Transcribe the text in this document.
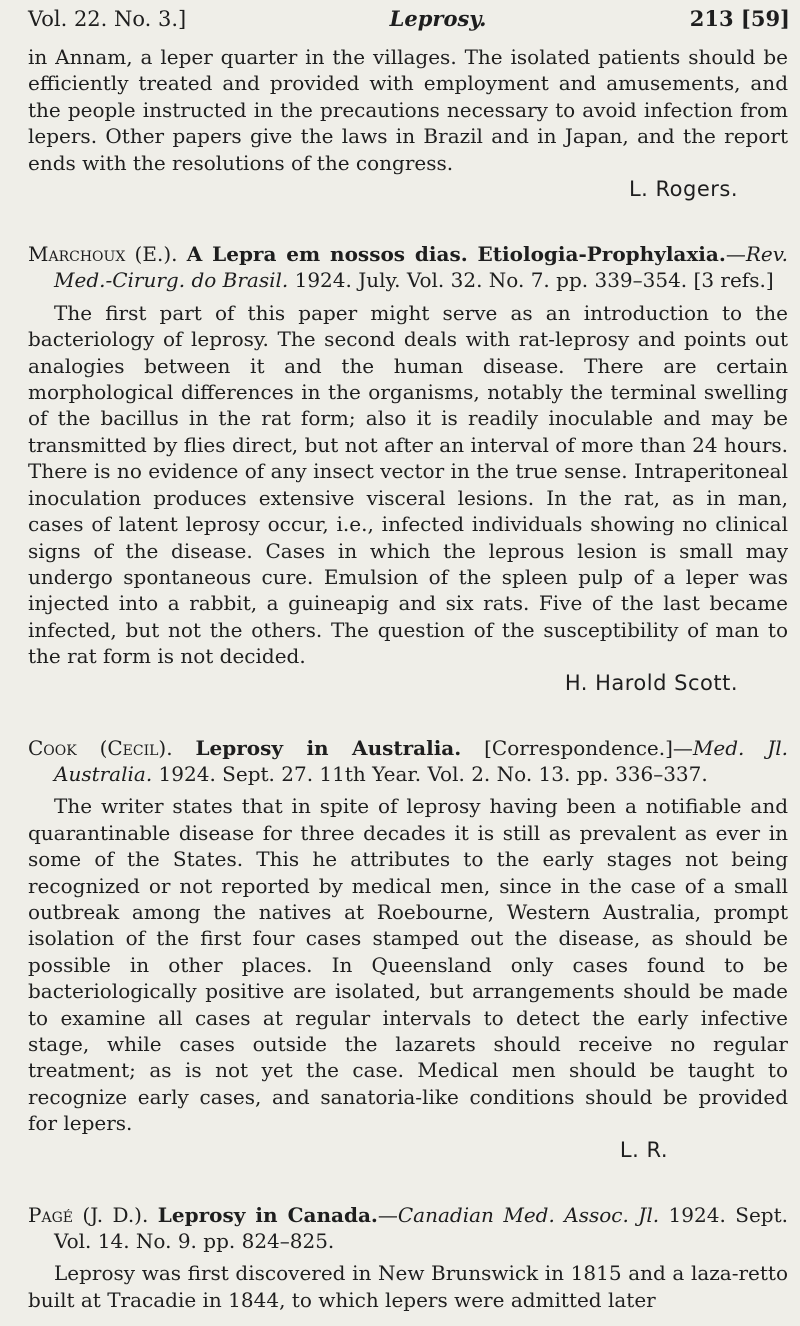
Vol. 22. No. 3.]	Leprosy.	213 [59]

in Annam, a leper quarter in the villages. The isolated patients should be efficiently treated and provided with employment and amusements, and the people instructed in the precautions necessary to avoid infection from lepers. Other papers give the laws in Brazil and in Japan, and the report ends with the resolutions of the congress.

L. Rogers.
Marchoux (E.). A Lepra em nossos dias. Etiologia-Prophylaxia.—Rev. Med.-Cirurg. do Brasil. 1924. July. Vol. 32. No. 7. pp. 339–354. [3 refs.]

The first part of this paper might serve as an introduction to the bacteriology of leprosy. The second deals with rat-leprosy and points out analogies between it and the human disease. There are certain morphological differences in the organisms, notably the terminal swelling of the bacillus in the rat form; also it is readily inoculable and may be transmitted by flies direct, but not after an interval of more than 24 hours. There is no evidence of any insect vector in the true sense. Intraperitoneal inoculation produces extensive visceral lesions. In the rat, as in man, cases of latent leprosy occur, i.e., infected individuals showing no clinical signs of the disease. Cases in which the leprous lesion is small may undergo spontaneous cure. Emulsion of the spleen pulp of a leper was injected into a rabbit, a guineapig and six rats. Five of the last became infected, but not the others. The question of the susceptibility of man to the rat form is not decided.

H. Harold Scott.
Cook (Cecil). Leprosy in Australia. [Correspondence.]—Med. Jl. Australia. 1924. Sept. 27. 11th Year. Vol. 2. No. 13. pp. 336–337.

The writer states that in spite of leprosy having been a notifiable and quarantinable disease for three decades it is still as prevalent as ever in some of the States. This he attributes to the early stages not being recognized or not reported by medical men, since in the case of a small outbreak among the natives at Roebourne, Western Australia, prompt isolation of the first four cases stamped out the disease, as should be possible in other places. In Queensland only cases found to be bacteriologically positive are isolated, but arrangements should be made to examine all cases at regular intervals to detect the early infective stage, while cases outside the lazarets should receive no regular treatment; as is not yet the case. Medical men should be taught to recognize early cases, and sanatoria-like conditions should be provided for lepers.

L. R.
Pagé (J. D.). Leprosy in Canada.—Canadian Med. Assoc. Jl. 1924. Sept. Vol. 14. No. 9. pp. 824–825.

Leprosy was first discovered in New Brunswick in 1815 and a laza-retto built at Tracadie in 1844, to which lepers were admitted later
